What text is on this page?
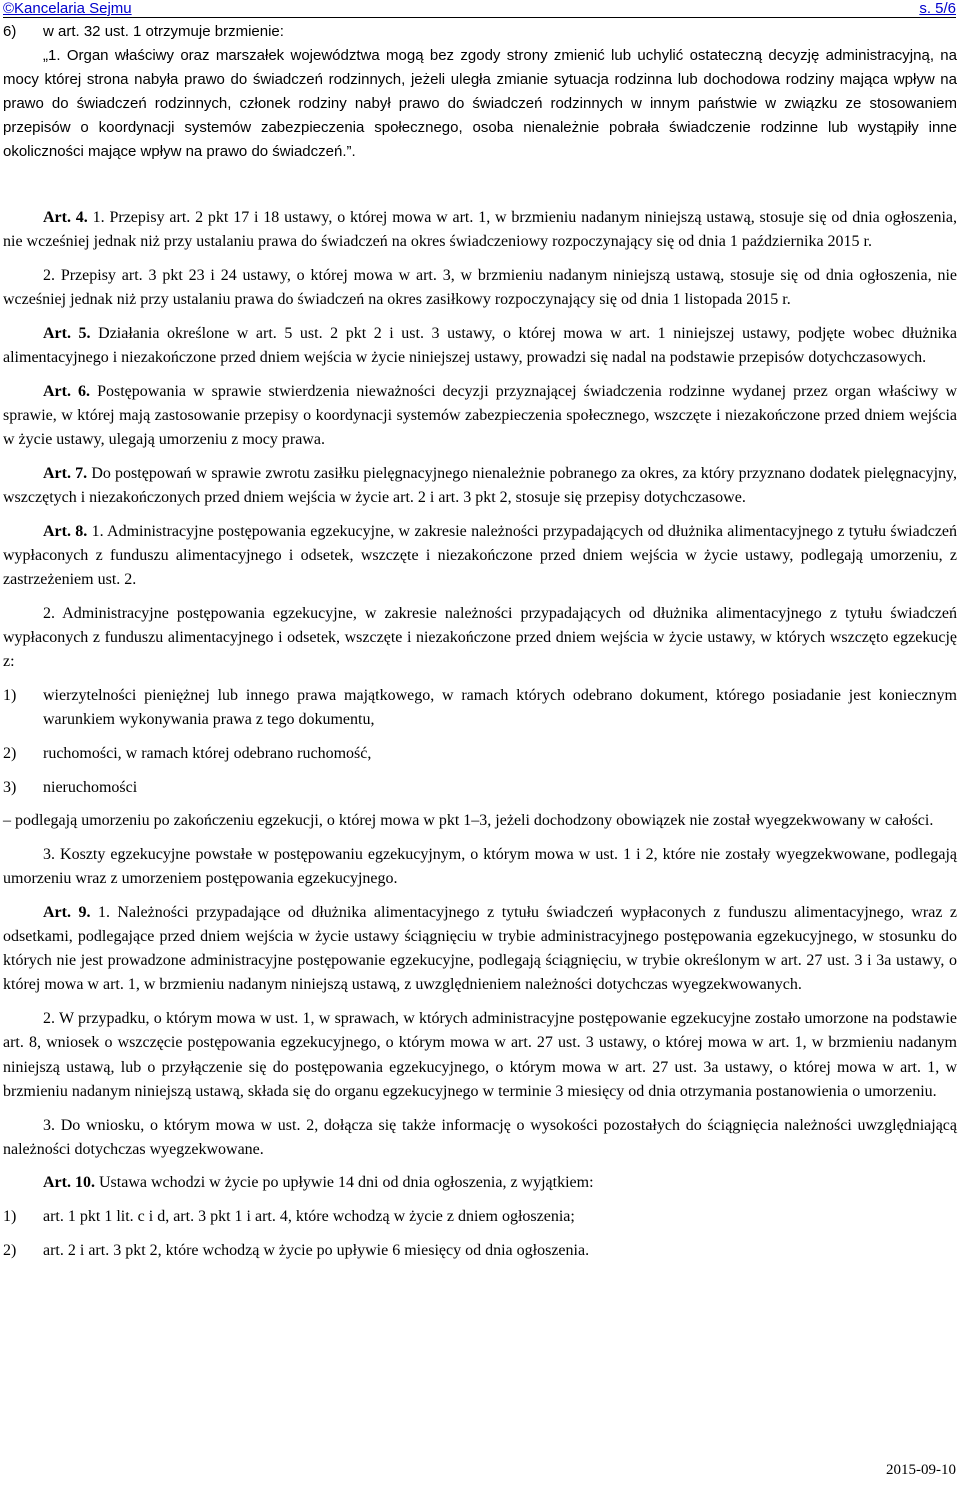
©Kancelaria Sejmu	s. 5/6
6) w art. 32 ust. 1 otrzymuje brzmienie:

„1. Organ właściwy oraz marszałek województwa mogą bez zgody strony zmienić lub uchylić ostateczną decyzję administracyjną, na mocy której strona nabyła prawo do świadczeń rodzinnych, jeżeli uległa zmianie sytuacja rodzinna lub dochodowa rodziny mająca wpływ na prawo do świadczeń rodzinnych, członek rodziny nabył prawo do świadczeń rodzinnych w innym państwie w związku ze stosowaniem przepisów o koordynacji systemów zabezpieczenia społecznego, osoba nienależnie pobrała świadczenie rodzinne lub wystąpiły inne okoliczności mające wpływ na prawo do świadczeń.”.

Art. 4. 1. Przepisy art. 2 pkt 17 i 18 ustawy, o której mowa w art. 1, w brzmieniu nadanym niniejszą ustawą, stosuje się od dnia ogłoszenia, nie wcześniej jednak niż przy ustalaniu prawa do świadczeń na okres świadczeniowy rozpoczynający się od dnia 1 października 2015 r.

2. Przepisy art. 3 pkt 23 i 24 ustawy, o której mowa w art. 3, w brzmieniu nadanym niniejszą ustawą, stosuje się od dnia ogłoszenia, nie wcześniej jednak niż przy ustalaniu prawa do świadczeń na okres zasiłkowy rozpoczynający się od dnia 1 listopada 2015 r.

Art. 5. Działania określone w art. 5 ust. 2 pkt 2 i ust. 3 ustawy, o której mowa w art. 1 niniejszej ustawy, podjęte wobec dłużnika alimentacyjnego i niezakończone przed dniem wejścia w życie niniejszej ustawy, prowadzi się nadal na podstawie przepisów dotychczasowych.

Art. 6. Postępowania w sprawie stwierdzenia nieważności decyzji przyznającej świadczenia rodzinne wydanej przez organ właściwy w sprawie, w której mają zastosowanie przepisy o koordynacji systemów zabezpieczenia społecznego, wszczęte i niezakończone przed dniem wejścia w życie ustawy, ulegają umorzeniu z mocy prawa.

Art. 7. Do postępowań w sprawie zwrotu zasiłku pielęgnacyjnego nienależnie pobranego za okres, za który przyznano dodatek pielęgnacyjny, wszczętych i niezakończonych przed dniem wejścia w życie art. 2 i art. 3 pkt 2, stosuje się przepisy dotychczasowe.

Art. 8. 1. Administracyjne postępowania egzekucyjne, w zakresie należności przypadających od dłużnika alimentacyjnego z tytułu świadczeń wypłaconych z funduszu alimentacyjnego i odsetek, wszczęte i niezakończone przed dniem wejścia w życie ustawy, podlegają umorzeniu, z zastrzeżeniem ust. 2.

2. Administracyjne postępowania egzekucyjne, w zakresie należności przypadających od dłużnika alimentacyjnego z tytułu świadczeń wypłaconych z funduszu alimentacyjnego i odsetek, wszczęte i niezakończone przed dniem wejścia w życie ustawy, w których wszczęto egzekucję z:

1) wierzytelności pieniężnej lub innego prawa majątkowego, w ramach których odebrano dokument, którego posiadanie jest koniecznym warunkiem wykonywania prawa z tego dokumentu,

2) ruchomości, w ramach której odebrano ruchomość,

3) nieruchomości

– podlegają umorzeniu po zakończeniu egzekucji, o której mowa w pkt 1–3, jeżeli dochodzony obowiązek nie został wyegzekwowany w całości.

3. Koszty egzekucyjne powstałe w postępowaniu egzekucyjnym, o którym mowa w ust. 1 i 2, które nie zostały wyegzekwowane, podlegają umorzeniu wraz z umorzeniem postępowania egzekucyjnego.

Art. 9. 1. Należności przypadające od dłużnika alimentacyjnego z tytułu świadczeń wypłaconych z funduszu alimentacyjnego, wraz z odsetkami, podlegające przed dniem wejścia w życie ustawy ściągnięciu w trybie administracyjnego postępowania egzekucyjnego, w stosunku do których nie jest prowadzone administracyjne postępowanie egzekucyjne, podlegają ściągnięciu, w trybie określonym w art. 27 ust. 3 i 3a ustawy, o której mowa w art. 1, w brzmieniu nadanym niniejszą ustawą, z uwzględnieniem należności dotychczas wyegzekwowanych.

2. W przypadku, o którym mowa w ust. 1, w sprawach, w których administracyjne postępowanie egzekucyjne zostało umorzone na podstawie art. 8, wniosek o wszczęcie postępowania egzekucyjnego, o którym mowa w art. 27 ust. 3 ustawy, o której mowa w art. 1, w brzmieniu nadanym niniejszą ustawą, lub o przyłączenie się do postępowania egzekucyjnego, o którym mowa w art. 27 ust. 3a ustawy, o której mowa w art. 1, w brzmieniu nadanym niniejszą ustawą, składa się do organu egzekucyjnego w terminie 3 miesięcy od dnia otrzymania postanowienia o umorzeniu.

3. Do wniosku, o którym mowa w ust. 2, dołącza się także informację o wysokości pozostałych do ściągnięcia należności uwzględniającą należności dotychczas wyegzekwowane.

Art. 10. Ustawa wchodzi w życie po upływie 14 dni od dnia ogłoszenia, z wyjątkiem:

1) art. 1 pkt 1 lit. c i d, art. 3 pkt 1 i art. 4, które wchodzą w życie z dniem ogłoszenia;

2) art. 2 i art. 3 pkt 2, które wchodzą w życie po upływie 6 miesięcy od dnia ogłoszenia.

2015-09-10
